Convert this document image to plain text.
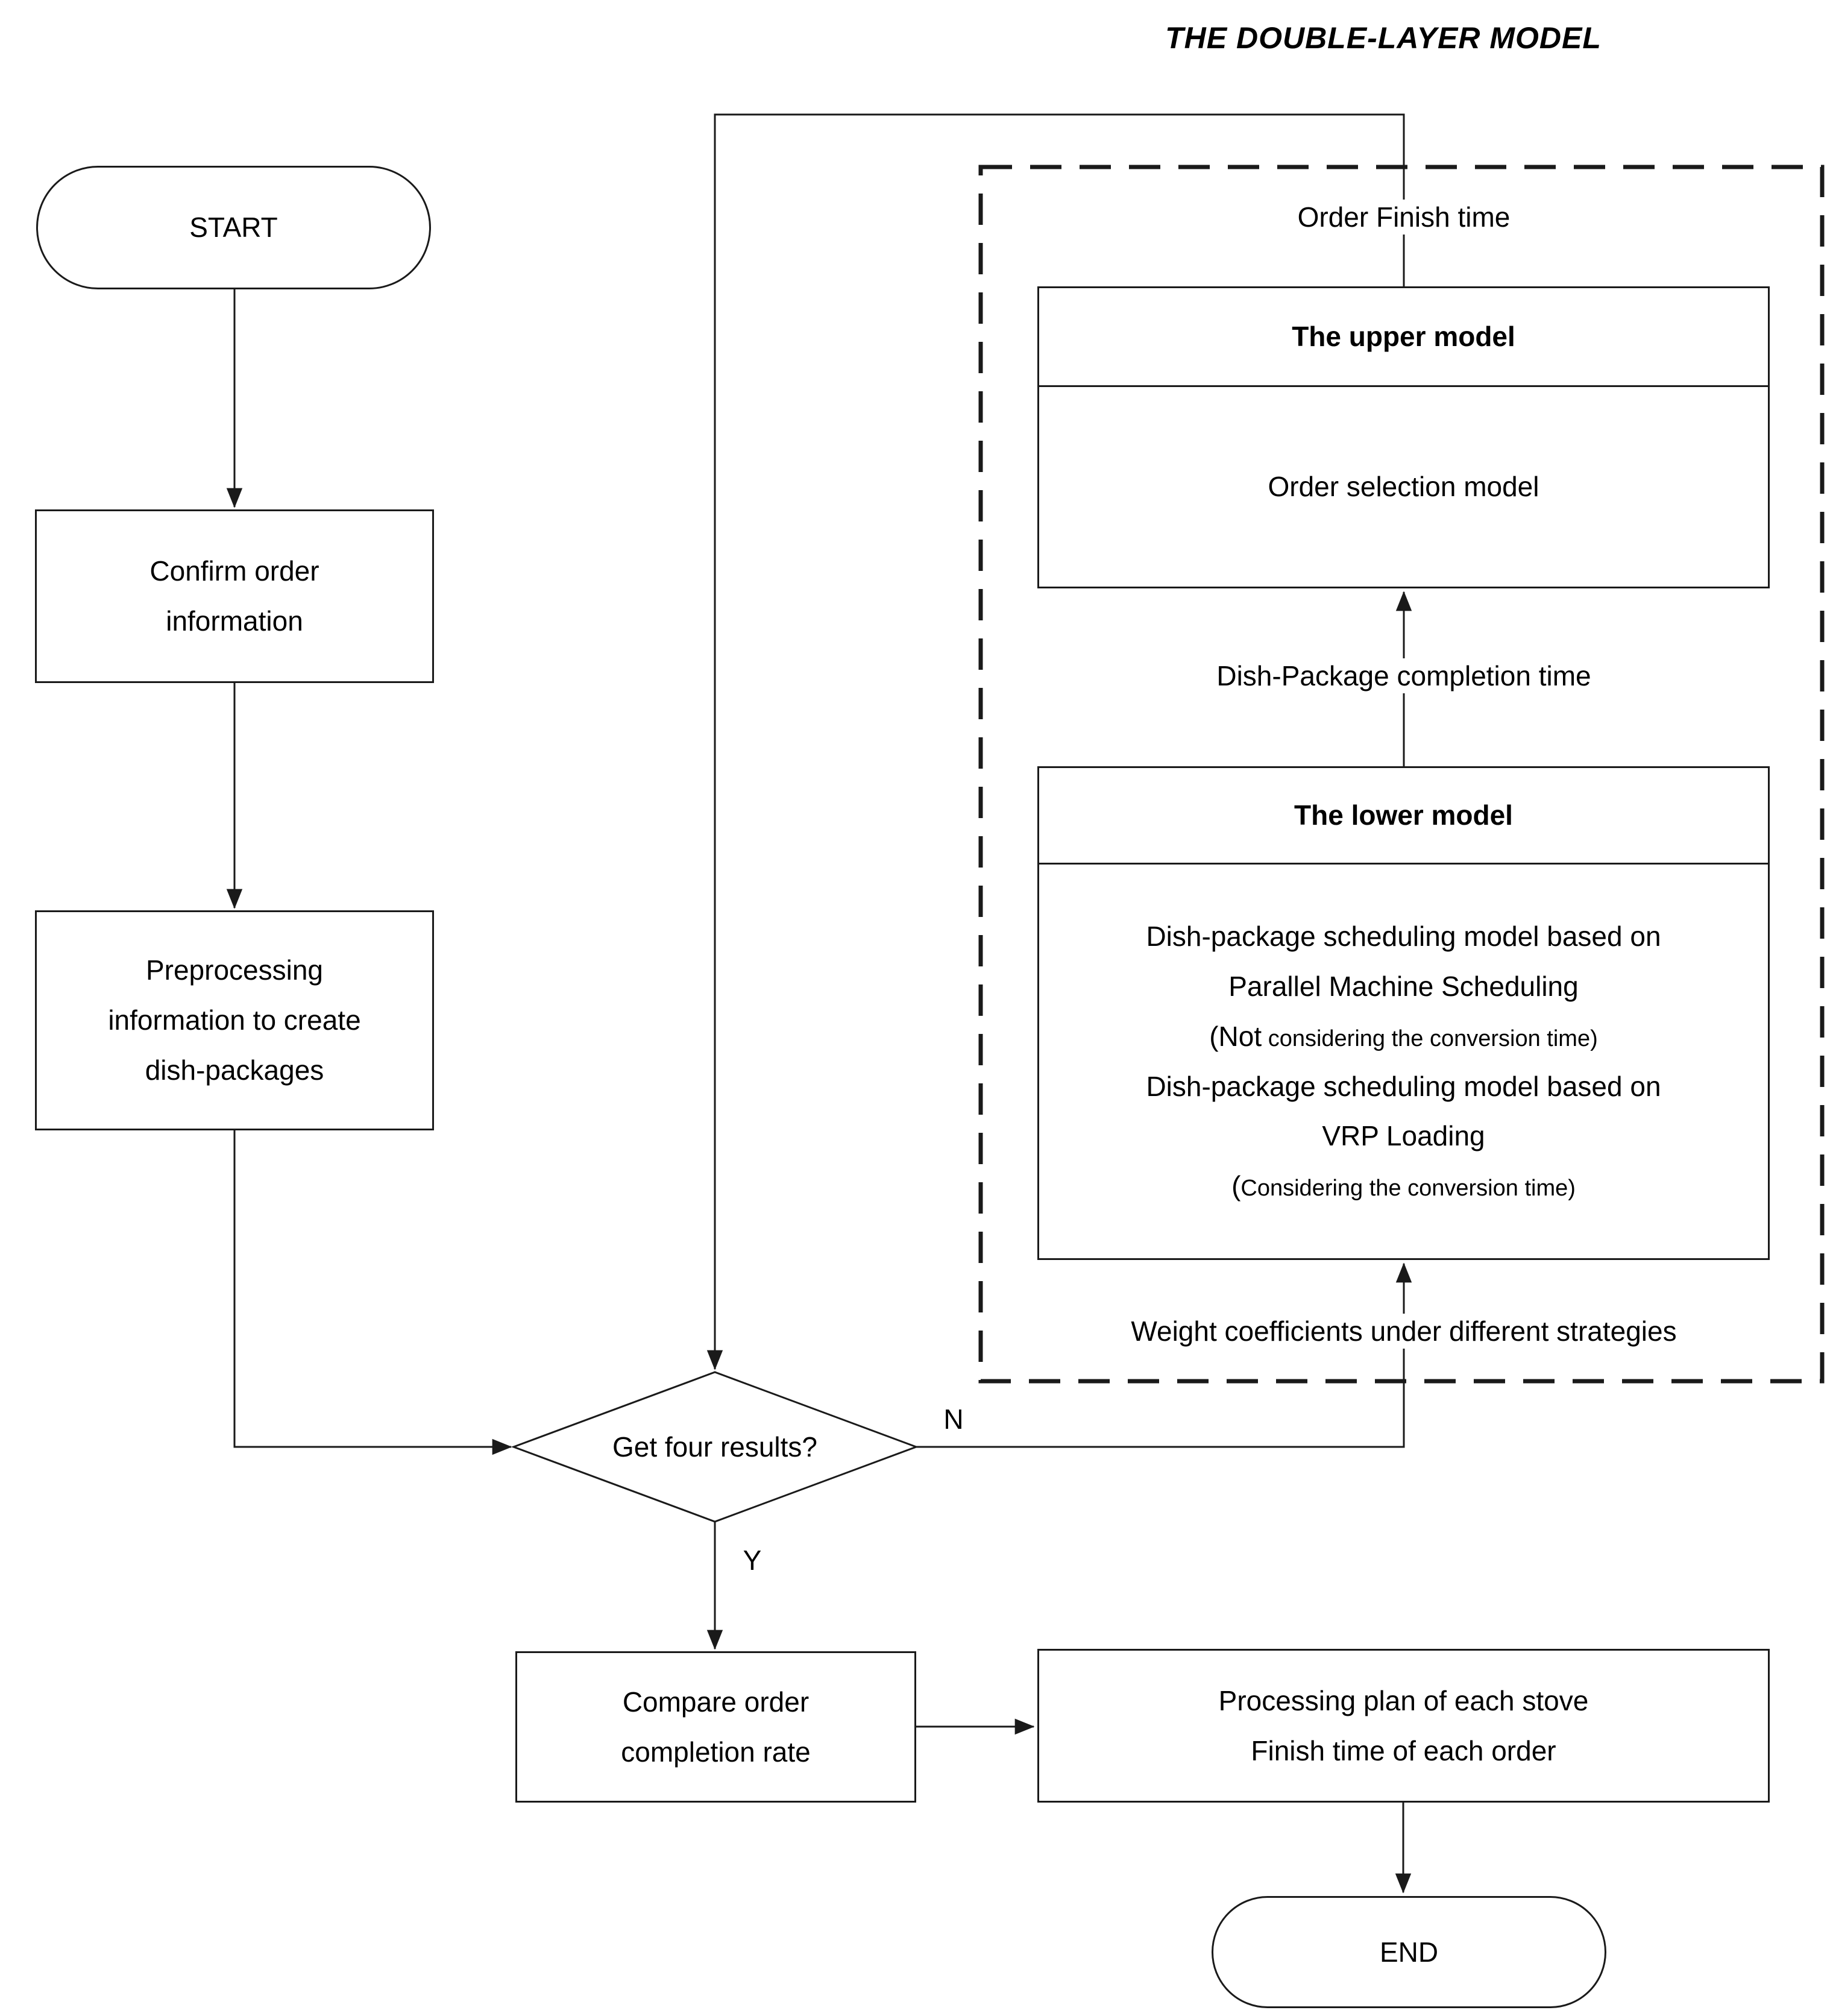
THE DOUBLE-LAYER MODEL
START
Confirm order
information
Preprocessing
information to create
dish-packages
Get four results?
The upper model
Order selection model
The lower model
Dish-package scheduling model based on
Parallel Machine Scheduling
(Not considering the conversion time)
Dish-package scheduling model based on
VRP Loading
(Considering the conversion time)
Compare order
completion rate
Processing plan of each stove
Finish time of each order
END
Order Finish time
Dish-Package completion time
Weight coefficients under different strategies
N
Y
